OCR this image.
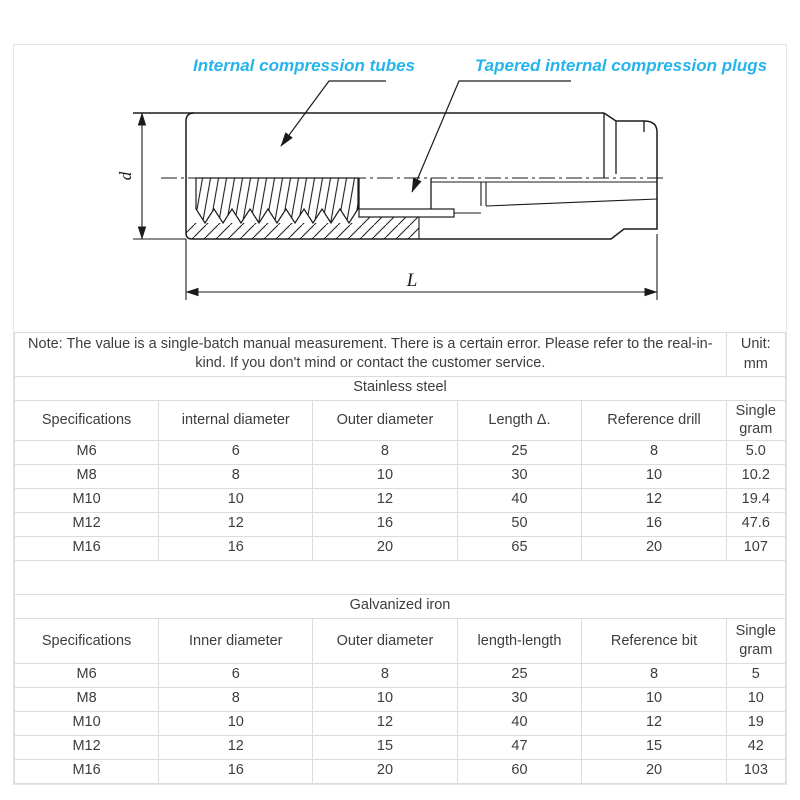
d
L
Internal compression tubes	Tapered internal compression plugs
Note: The value is a single-batch manual measurement. There is a certain error. Please refer to the real-in-kind. If you don't mind or contact the customer service.					Unit:
mm

Stainless steel					
Specifications	internal diameter	Outer diameter	Length Δ.	Reference drill	Single gram
M6	6	8	25	8	5.0
M8	8	10	30	10	10.2
M10	10	12	40	12	19.4
M12	12	16	50	16	47.6
M16	16	20	65	20	107

Galvanized iron					
Specifications	Inner diameter	Outer diameter	length-length	Reference bit	Single gram
M6	6	8	25	8	5
M8	8	10	30	10	10
M10	10	12	40	12	19
M12	12	15	47	15	42
M16	16	20	60	20	103
